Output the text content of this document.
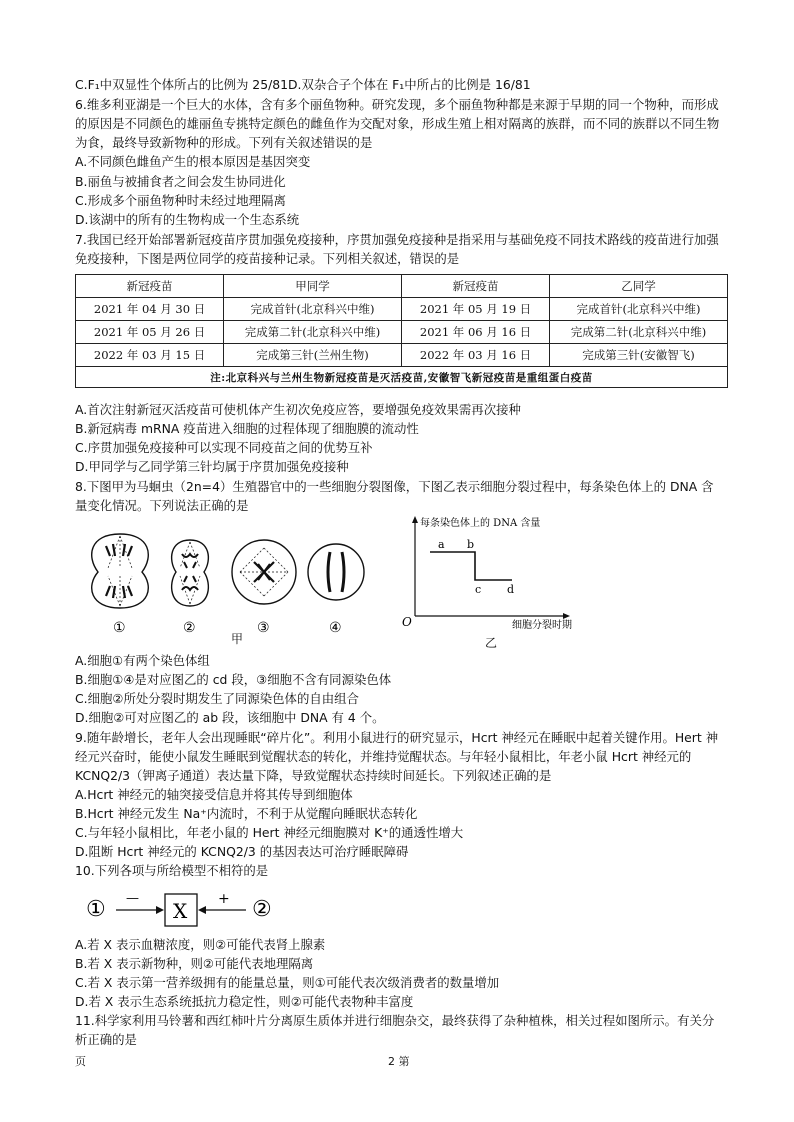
C.F₁中双显性个体所占的比例为 25/81D.双杂合子个体在 F₁中所占的比例是 16/81
6.维多利亚湖是一个巨大的水体，含有多个丽鱼物种。研究发现，多个丽鱼物种都是来源于早期的同一个物种，而形成的原因是不同颜色的雄丽鱼专挑特定颜色的雌鱼作为交配对象，形成生殖上相对隔离的族群，而不同的族群以不同生物为食，最终导致新物种的形成。下列有关叙述错误的是
A.不同颜色雌鱼产生的根本原因是基因突变
B.丽鱼与被捕食者之间会发生协同进化
C.形成多个丽鱼物种时未经过地理隔离
D.该湖中的所有的生物构成一个生态系统
7.我国已经开始部署新冠疫苗序贯加强免疫接种，序贯加强免疫接种是指采用与基础免疫不同技术路线的疫苗进行加强免疫接种，下图是两位同学的疫苗接种记录。下列相关叙述，错误的是
新冠疫苗	甲同学	新冠疫苗	乙同学
2021 年 04 月 30 日	完成首针(北京科兴中维)	2021 年 05 月 19 日	完成首针(北京科兴中维)
2021 年 05 月 26 日	完成第二针(北京科兴中维)	2021 年 06 月 16 日	完成第二针(北京科兴中维)
2022 年 03 月 15 日	完成第三针(兰州生物)	2022 年 03 月 16 日	完成第三针(安徽智飞)
注:北京科兴与兰州生物新冠疫苗是灭活疫苗,安徽智飞新冠疫苗是重组蛋白疫苗			
A.首次注射新冠灭活疫苗可使机体产生初次免疫应答，要增强免疫效果需再次接种
B.新冠病毒 mRNA 疫苗进入细胞的过程体现了细胞膜的流动性
C.序贯加强免疫接种可以实现不同疫苗之间的优势互补
D.甲同学与乙同学第三针均属于序贯加强免疫接种
8.下图甲为马蛔虫（2n=4）生殖器官中的一些细胞分裂图像，下图乙表示细胞分裂过程中，每条染色体上的 DNA 含量变化情况。下列说法正确的是
①	②	③	④
甲
每条染色体上的 DNA 含量
a b
c d
O	细胞分裂时期
乙
A.细胞①有两个染色体组
B.细胞①④是对应图乙的 cd 段，③细胞不含有同源染色体
C.细胞②所处分裂时期发生了同源染色体的自由组合
D.细胞②可对应图乙的 ab 段，该细胞中 DNA 有 4 个。
9.随年龄增长，老年人会出现睡眠“碎片化”。利用小鼠进行的研究显示，Hcrt 神经元在睡眠中起着关键作用。Hert 神经元兴奋时，能使小鼠发生睡眠到觉醒状态的转化，并维持觉醒状态。与年轻小鼠相比，年老小鼠 Hcrt 神经元的 KCNQ2/3（钾离子通道）表达量下降，导致觉醒状态持续时间延长。下列叙述正确的是
A.Hcrt 神经元的轴突接受信息并将其传导到细胞体
B.Hcrt 神经元发生 Na⁺内流时，不利于从觉醒向睡眠状态转化
C.与年轻小鼠相比，年老小鼠的 Hert 神经元细胞膜对 K⁺的通透性增大
D.阻断 Hcrt 神经元的 KCNQ2/3 的基因表达可治疗睡眠障碍
10.下列各项与所给模型不相符的是
① —
X + ②
A.若 X 表示血糖浓度，则②可能代表肾上腺素
B.若 X 表示新物种，则②可能代表地理隔离
C.若 X 表示第一营养级拥有的能量总量，则①可能代表次级消费者的数量增加
D.若 X 表示生态系统抵抗力稳定性，则②可能代表物种丰富度
11.科学家利用马铃薯和西红柿叶片分离原生质体并进行细胞杂交，最终获得了杂种植株，相关过程如图所示。有关分析正确的是
页	2 第
